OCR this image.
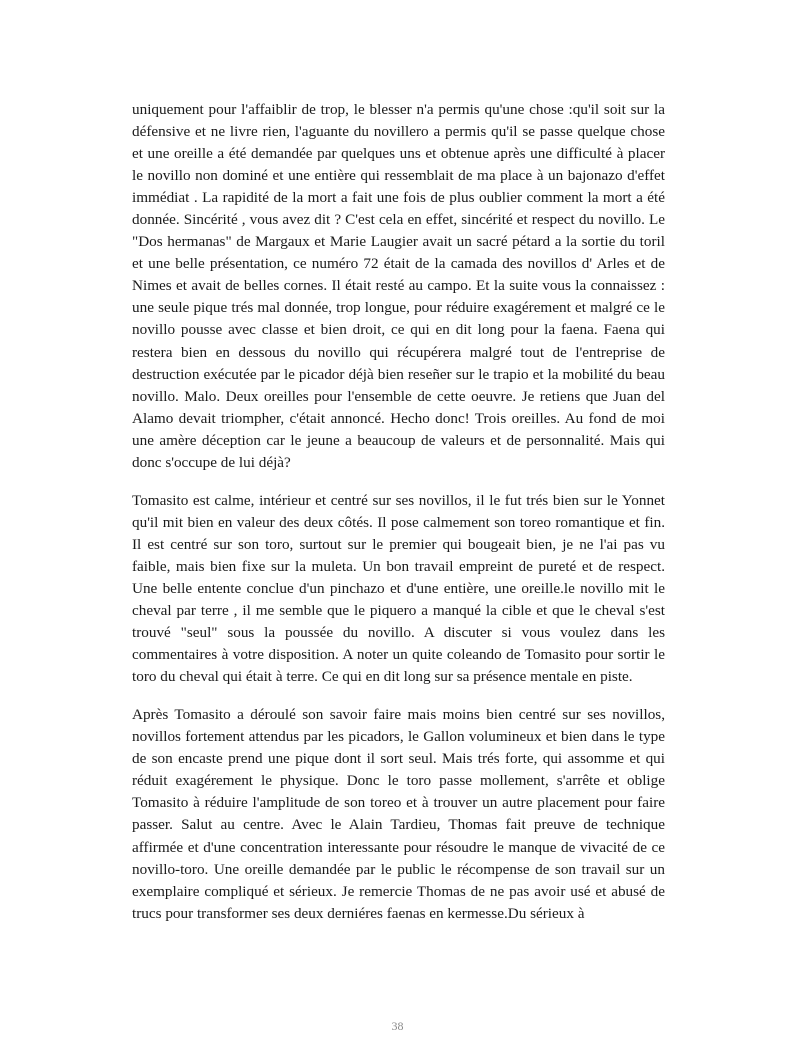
uniquement pour l'affaiblir de trop, le blesser n'a permis qu'une chose :qu'il soit sur la défensive et ne livre rien, l'aguante du novillero a permis qu'il se passe quelque chose et une oreille a été demandée par quelques uns et obtenue après une difficulté à placer le novillo non dominé et une entière qui ressemblait de ma place à un bajonazo d'effet immédiat . La rapidité de la mort a fait une fois de plus oublier comment la mort a été donnée. Sincérité , vous avez dit ? C'est cela en effet, sincérité et respect du novillo. Le "Dos hermanas" de Margaux et Marie Laugier avait un sacré pétard a la sortie du toril et une belle présentation, ce numéro 72 était de la camada des novillos d' Arles et de Nimes et avait de belles cornes. Il était resté au campo. Et la suite vous la connaissez : une seule pique trés mal donnée, trop longue, pour réduire exagérement et malgré ce le novillo pousse avec classe et bien droit, ce qui en dit long pour la faena. Faena qui restera bien en dessous du novillo qui récupérera malgré tout de l'entreprise de destruction exécutée par le picador déjà bien reseñer sur le trapio et la mobilité du beau novillo. Malo. Deux oreilles pour l'ensemble de cette oeuvre. Je retiens que Juan del Alamo devait triompher, c'était annoncé. Hecho donc! Trois oreilles. Au fond de moi une amère déception car le jeune a beaucoup de valeurs et de personnalité. Mais qui donc s'occupe de lui déjà?

Tomasito est calme, intérieur et centré sur ses novillos, il le fut trés bien sur le Yonnet qu'il mit bien en valeur des deux côtés. Il pose calmement son toreo romantique et fin. Il est centré sur son toro, surtout sur le premier qui bougeait bien, je ne l'ai pas vu faible, mais bien fixe sur la muleta. Un bon travail empreint de pureté et de respect. Une belle entente conclue d'un pinchazo et d'une entière, une oreille.le novillo mit le cheval par terre , il me semble que le piquero a manqué la cible et que le cheval s'est trouvé "seul" sous la poussée du novillo. A discuter si vous voulez dans les commentaires à votre disposition. A noter un quite coleando de Tomasito pour sortir le toro du cheval qui était à terre. Ce qui en dit long sur sa présence mentale en piste.

Après Tomasito a déroulé son savoir faire mais moins bien centré sur ses novillos, novillos fortement attendus par les picadors, le Gallon volumineux et bien dans le type de son encaste prend une pique dont il sort seul. Mais trés forte, qui assomme et qui réduit exagérement le physique. Donc le toro passe mollement, s'arrête et oblige Tomasito à réduire l'amplitude de son toreo et à trouver un autre placement pour faire passer. Salut au centre. Avec le Alain Tardieu, Thomas fait preuve de technique affirmée et d'une concentration interessante pour résoudre le manque de vivacité de ce novillo-toro. Une oreille demandée par le public le récompense de son travail sur un exemplaire compliqué et sérieux. Je remercie Thomas de ne pas avoir usé et abusé de trucs pour transformer ses deux derniéres faenas en kermesse.Du sérieux à

38
